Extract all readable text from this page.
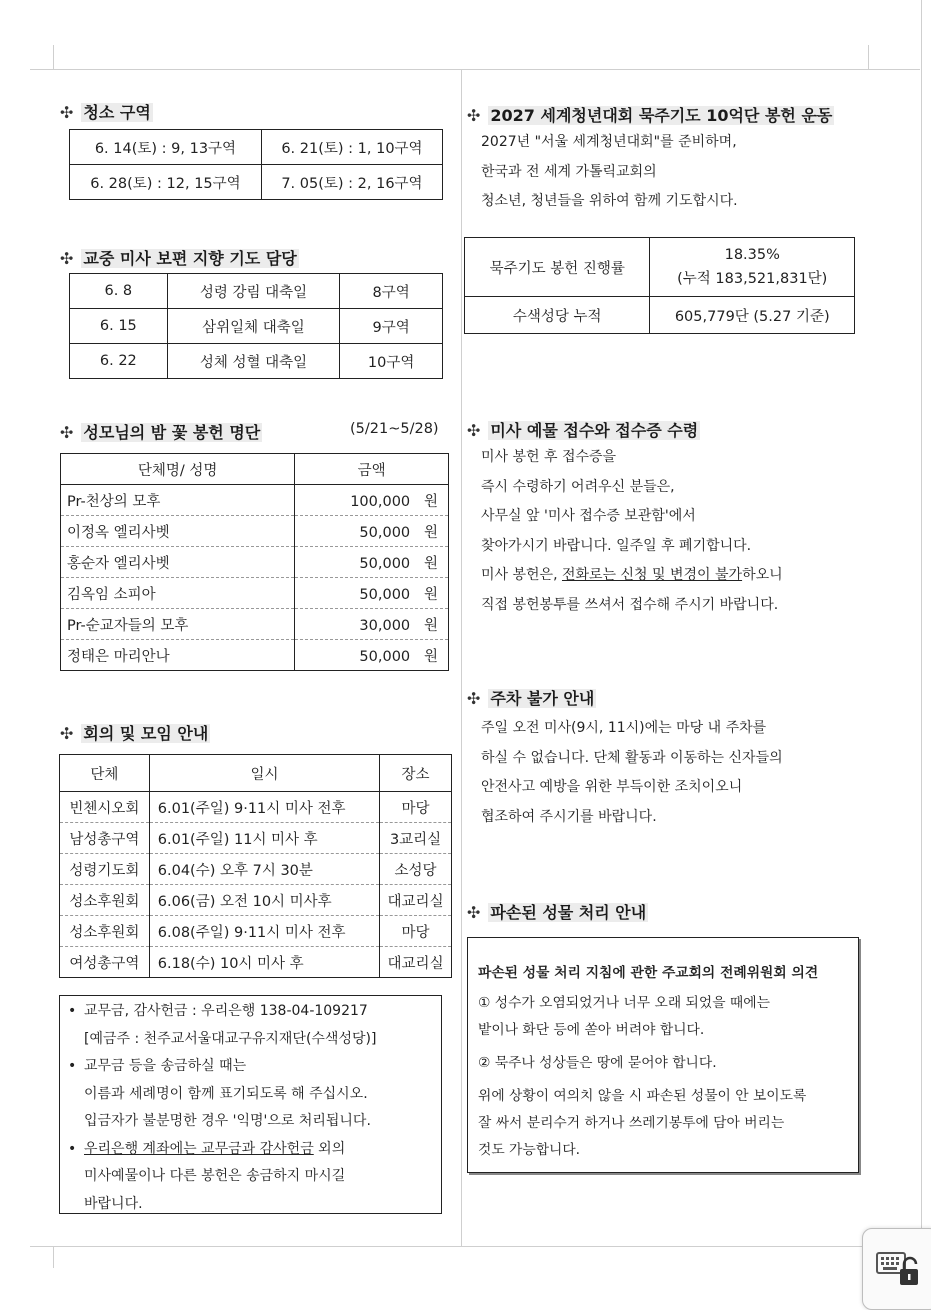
✣ 청소 구역
6. 14(토) : 9, 13구역	6. 21(토) : 1, 10구역
6. 28(토) : 12, 15구역	7. 05(토) : 2, 16구역
✣ 교중 미사 보편 지향 기도 담당
6. 8	성령 강림 대축일	8구역
6. 15	삼위일체 대축일	9구역
6. 22	성체 성혈 대축일	10구역
✣ 성모님의 밤 꽃 봉헌 명단	(5/21~5/28)
단체명/ 성명	금액
Pr-천상의 모후	100,000 원
이정옥 엘리사벳	50,000 원
홍순자 엘리사벳	50,000 원
김옥임 소피아	50,000 원
Pr-순교자들의 모후	30,000 원
정태은 마리안나	50,000 원
✣ 회의 및 모임 안내
단체	일시	장소
빈첸시오회	6.01(주일) 9·11시 미사 전후	마당
남성총구역	6.01(주일) 11시 미사 후	3교리실
성령기도회	6.04(수) 오후 7시 30분	소성당
성소후원회	6.06(금) 오전 10시 미사후	대교리실
성소후원회	6.08(주일) 9·11시 미사 전후	마당
여성총구역	6.18(수) 10시 미사 후	대교리실
• 교무금, 감사헌금 : 우리은행 138-04-109217
[예금주 : 천주교서울대교구유지재단(수색성당)]
• 교무금 등을 송금하실 때는
이름과 세례명이 함께 표기되도록 해 주십시오.
입금자가 불분명한 경우 '익명'으로 처리됩니다.
• 우리은행 계좌에는 교무금과 감사헌금 외의
미사예물이나 다른 봉헌은 송금하지 마시길
바랍니다.
✣ 2027 세계청년대회 묵주기도 10억단 봉헌 운동
2027년 "서울 세계청년대회"를 준비하며,
한국과 전 세계 가톨릭교회의
청소년, 청년들을 위하여 함께 기도합시다.
묵주기도 봉헌 진행률	18.35%
(누적 183,521,831단)

수색성당 누적	605,779단 (5.27 기준)
✣ 미사 예물 접수와 접수증 수령
미사 봉헌 후 접수증을
즉시 수령하기 어려우신 분들은,
사무실 앞 '미사 접수증 보관함'에서
찾아가시기 바랍니다. 일주일 후 폐기합니다.
미사 봉헌은, 전화로는 신청 및 변경이 불가하오니
직접 봉헌봉투를 쓰셔서 접수해 주시기 바랍니다.
✣ 주차 불가 안내
주일 오전 미사(9시, 11시)에는 마당 내 주차를
하실 수 없습니다. 단체 활동과 이동하는 신자들의
안전사고 예방을 위한 부득이한 조치이오니
협조하여 주시기를 바랍니다.
✣ 파손된 성물 처리 안내
파손된 성물 처리 지침에 관한 주교회의 전례위원회 의견
① 성수가 오염되었거나 너무 오래 되었을 때에는
밭이나 화단 등에 쏟아 버려야 합니다.
② 묵주나 성상들은 땅에 묻어야 합니다.
위에 상황이 여의치 않을 시 파손된 성물이 안 보이도록
잘 싸서 분리수거 하거나 쓰레기봉투에 담아 버리는
것도 가능합니다.
